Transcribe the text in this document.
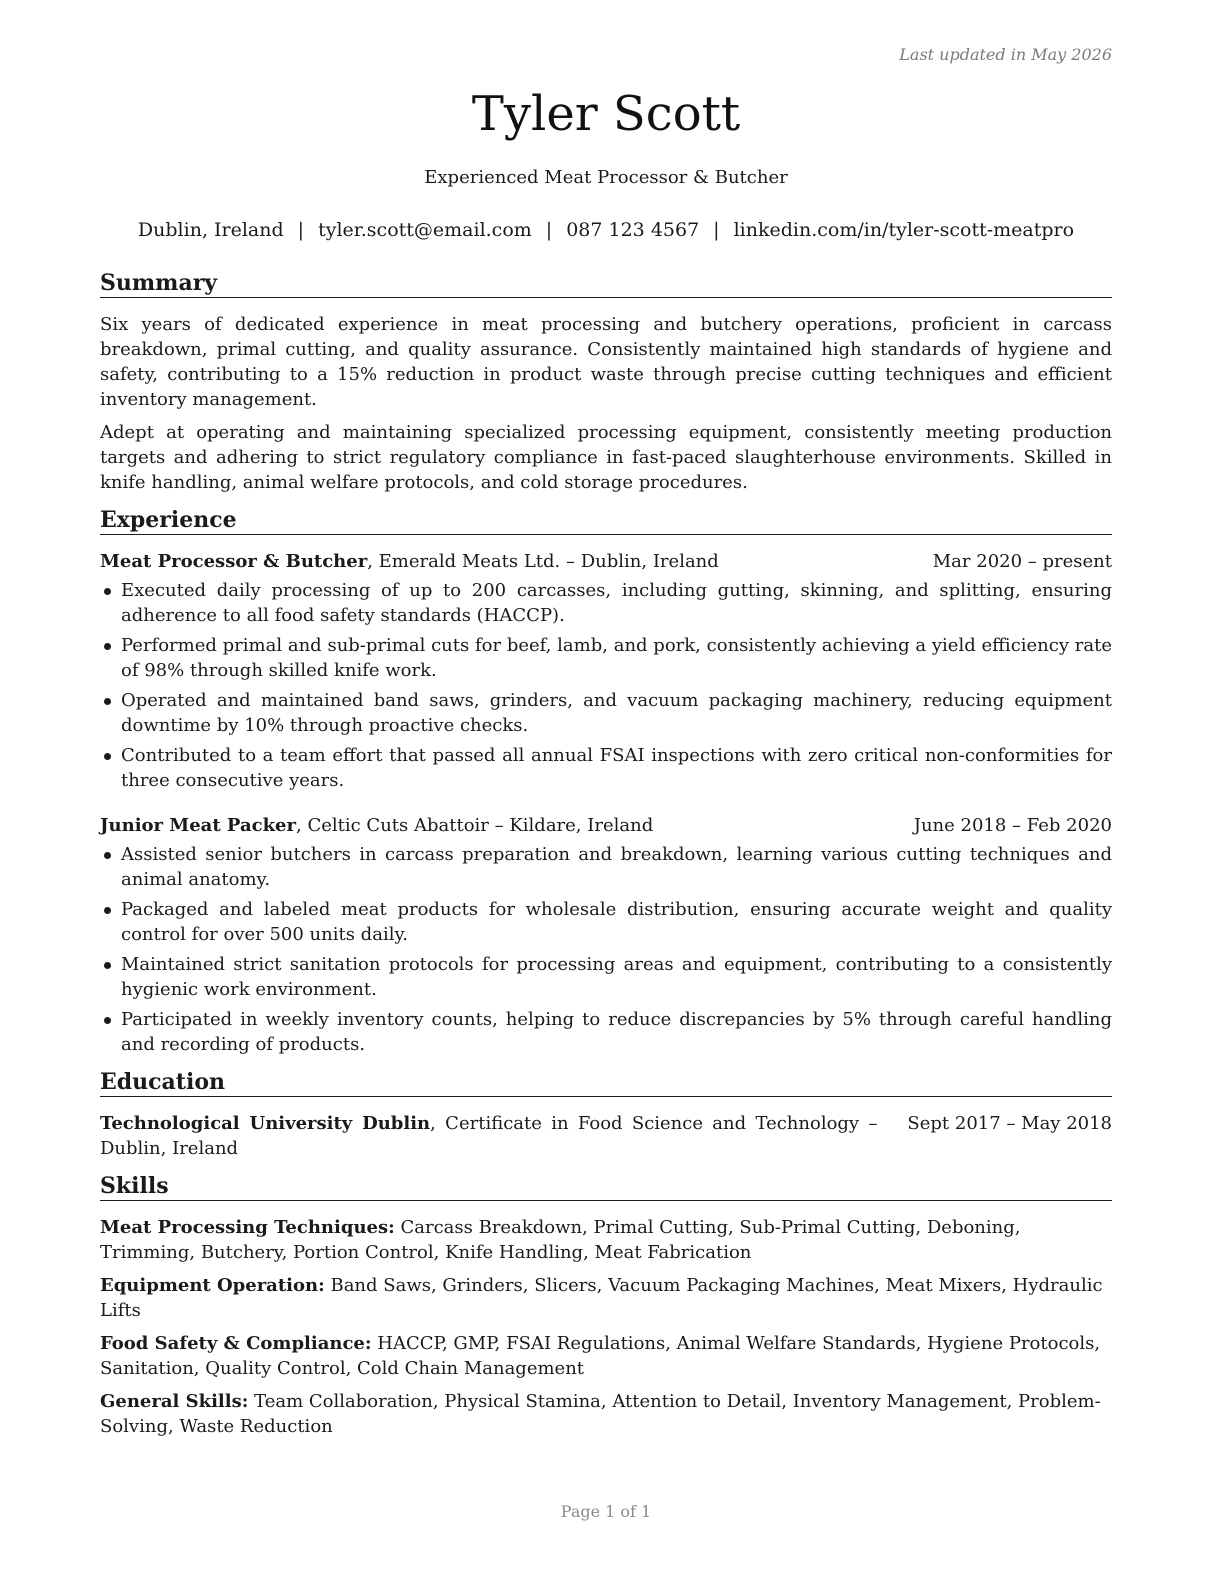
Last updated in May 2026
Tyler Scott
Experienced Meat Processor & Butcher
Dublin, Ireland | tyler.scott@email.com | 087 123 4567 | linkedin.com/in/tyler-scott-meatpro
Summary

Six years of dedicated experience in meat processing and butchery operations, proficient in carcass breakdown, primal cutting, and quality assurance. Consistently maintained high standards of hygiene and safety, contributing to a 15% reduction in product waste through precise cutting techniques and efficient inventory management.

Adept at operating and maintaining specialized processing equipment, consistently meeting production targets and adhering to strict regulatory compliance in fast-paced slaughterhouse environments. Skilled in knife handling, animal welfare protocols, and cold storage procedures.

Experience
Meat Processor & Butcher, Emerald Meats Ltd. – Dublin, Ireland	Mar 2020 – present
Executed daily processing of up to 200 carcasses, including gutting, skinning, and splitting, ensuring adherence to all food safety standards (HACCP).
Performed primal and sub-primal cuts for beef, lamb, and pork, consistently achieving a yield efficiency rate of 98% through skilled knife work.
Operated and maintained band saws, grinders, and vacuum packaging machinery, reducing equipment downtime by 10% through proactive checks.
Contributed to a team effort that passed all annual FSAI inspections with zero critical non-conformities for three consecutive years.
Junior Meat Packer, Celtic Cuts Abattoir – Kildare, Ireland	June 2018 – Feb 2020
Assisted senior butchers in carcass preparation and breakdown, learning various cutting techniques and animal anatomy.
Packaged and labeled meat products for wholesale distribution, ensuring accurate weight and quality control for over 500 units daily.
Maintained strict sanitation protocols for processing areas and equipment, contributing to a consistently hygienic work environment.
Participated in weekly inventory counts, helping to reduce discrepancies by 5% through careful handling and recording of products.
Education
Technological University Dublin, Certificate in Food Science and Technology – Dublin, Ireland
Sept 2017 – May 2018
Skills
Meat Processing Techniques: Carcass Breakdown, Primal Cutting, Sub-Primal Cutting, Deboning, Trimming, Butchery, Portion Control, Knife Handling, Meat Fabrication
Equipment Operation: Band Saws, Grinders, Slicers, Vacuum Packaging Machines, Meat Mixers, Hydraulic Lifts
Food Safety & Compliance: HACCP, GMP, FSAI Regulations, Animal Welfare Standards, Hygiene Protocols, Sanitation, Quality Control, Cold Chain Management
General Skills: Team Collaboration, Physical Stamina, Attention to Detail, Inventory Management, Problem-Solving, Waste Reduction
Page 1 of 1
